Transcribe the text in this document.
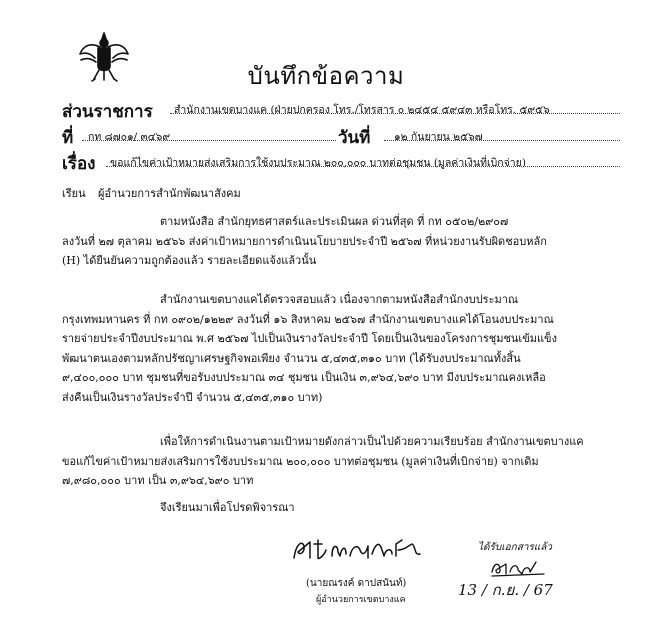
บันทึกข้อความ
ส่วนราชการ สำนักงานเขตบางแค (ฝ่ายปกครอง โทร./โทรสาร ๐ ๒๔๕๔ ๕๙๔๓ หรือโทร. ๕๙๕๖
ที่ กท ๘๗๐๑/ ๓๔๖๙	วันที่ ๑๒ กันยายน ๒๕๖๗
เรื่อง ขอแก้ไขค่าเป้าหมายส่งเสริมการใช้งบประมาณ ๒๐๐,๐๐๐ บาทต่อชุมชน (มูลค่าเงินที่เบิกจ่าย)
เรียน ผู้อำนวยการสำนักพัฒนาสังคม

ตามหนังสือ สำนักยุทธศาสตร์และประเมินผล ด่วนที่สุด ที่ กท ๐๕๐๒/๒๙๐๗

ลงวันที่ ๒๗ ตุลาคม ๒๕๖๖ ส่งค่าเป้าหมายการดำเนินนโยบายประจำปี ๒๕๖๗ ที่หน่วยงานรับผิดชอบหลัก

(H) ได้ยืนยันความถูกต้องแล้ว รายละเอียดแจ้งแล้วนั้น

สำนักงานเขตบางแคได้ตรวจสอบแล้ว เนื่องจากตามหนังสือสำนักงบประมาณ

กรุงเทพมหานคร ที่ กท ๐๙๐๒/๑๒๒๙ ลงวันที่ ๑๖ สิงหาคม ๒๕๖๗ สำนักงานเขตบางแคได้โอนงบประมาณ

รายจ่ายประจำปีงบประมาณ พ.ศ ๒๕๖๗ ไปเป็นเงินรางวัลประจำปี โดยเป็นเงินของโครงการชุมชนเข้มแข็ง

พัฒนาตนเองตามหลักปรัชญาเศรษฐกิจพอเพียง จำนวน ๕,๔๓๕,๓๑๐ บาท (ได้รับงบประมาณทั้งสิ้น

๙,๔๐๐,๐๐๐ บาท ชุมชนที่ขอรับงบประมาณ ๓๔ ชุมชน เป็นเงิน ๓,๙๖๔,๖๙๐ บาท มีงบประมาณคงเหลือ

ส่งคืนเป็นเงินรางวัลประจำปี จำนวน ๕,๔๓๕,๓๑๐ บาท)

เพื่อให้การดำเนินงานตามเป้าหมายดังกล่าวเป็นไปด้วยความเรียบร้อย สำนักงานเขตบางแค

ขอแก้ไขค่าเป้าหมายส่งเสริมการใช้งบประมาณ ๒๐๐,๐๐๐ บาทต่อชุมชน (มูลค่าเงินที่เบิกจ่าย) จากเดิม

๗,๙๘๐,๐๐๐ บาท เป็น ๓,๙๖๔,๖๙๐ บาท

จึงเรียนมาเพื่อโปรดพิจารณา

(นายณรงค์ ดาปสนันท์)
ผู้อำนวยการเขตบางแค
ได้รับเอกสารแล้ว
13 / ก.ย. / 67
